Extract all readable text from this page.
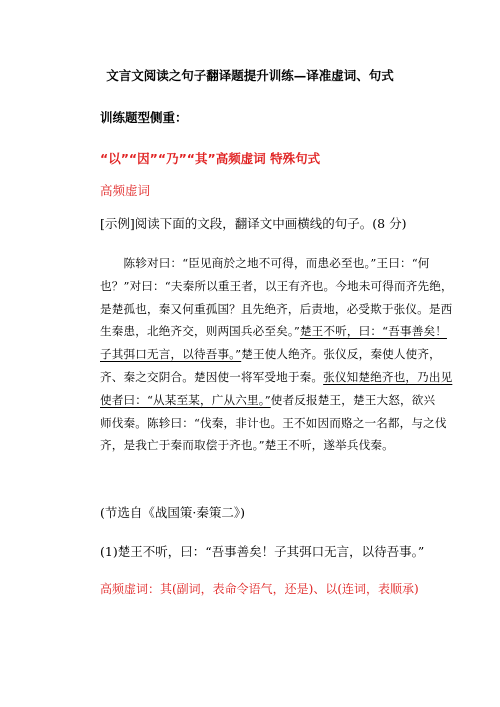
文言文阅读之句子翻译题提升训练—译准虚词、句式
训练题型侧重：
“以”“因”“乃”“其”高频虚词 特殊句式
高频虚词
[示例]阅读下面的文段，翻译文中画横线的句子。(8 分)
　　陈轸对曰：“臣见商於之地不可得，而患必至也。”王曰：“何
也？”对曰：“夫秦所以重王者，以王有齐也。今地未可得而齐先绝，
是楚孤也，秦又何重孤国？且先绝齐，后责地，必受欺于张仪。是西
生秦患，北绝齐交，则两国兵必至矣。”楚王不听，曰：“吾事善矣！
子其弭口无言，以待吾事。”楚王使人绝齐。张仪反，秦使人使齐，
齐、秦之交阴合。楚因使一将军受地于秦。张仪知楚绝齐也，乃出见
使者曰：“从某至某，广从六里。”使者反报楚王，楚王大怒，欲兴
师伐秦。陈轸曰：“伐秦，非计也。王不如因而赂之一名都，与之伐
齐，是我亡于秦而取偿于齐也。”楚王不听，遂举兵伐秦。
(节选自《战国策·秦策二》)
(1)楚王不听，曰：“吾事善矣！子其弭口无言，以待吾事。”
高频虚词：其(副词，表命令语气，还是)、以(连词，表顺承)
